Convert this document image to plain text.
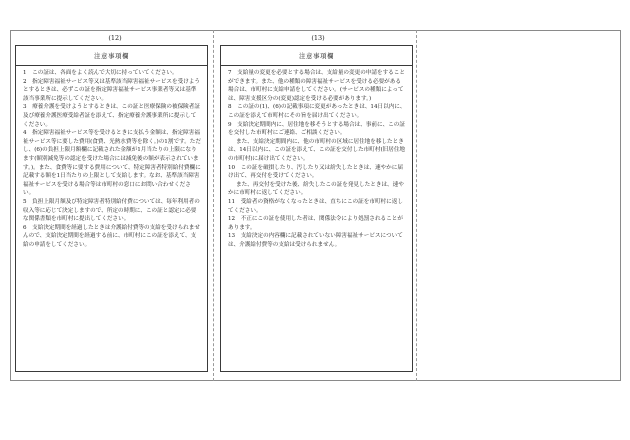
(12)	(13)
注意事項欄

1　この証は、各面をよく読んで大切に持っていてください。

2　指定障害福祉サービス等又は基準該当障害福祉サービスを受けようとするときは、必ずこの証を指定障害福祉サービス事業者等又は基準該当事業所に提示してください。

3　療養介護を受けようとするときは、この証と医療保険の被保険者証及び療養介護医療受給者証を添えて、指定療養介護事業所に提示してください。

4　指定障害福祉サービス等を受けるときに支払う金額は、指定障害福祉サービス等に要した費用(食費、光熱水費等を除く。)の1割です。ただし、(6)の負担上限月額欄に記載された金額が1月当たりの上限になります(額別減免等の認定を受けた場合には減免後の額が表示されています。)。また、食費等に要する費用について、特定障害者特別給付費欄に記載する額を1日当たりの上限として支給します。なお、基準該当障害福祉サービスを受ける場合等は市町村の窓口にお問い合わせください。

5　負担上限月額及び特定障害者特別給付費については、毎年利用者の収入等に応じて決定しますので、所定の時期に、この証と認定に必要な関係書類を市町村に提出してください。

6　支給決定期間を経過したときは介護給付費等の支給を受けられませんので、支給決定期間を経過する前に、市町村にこの証を添えて、支給の申請をしてください。

注意事項欄

7　支給量の変更を必要とする場合は、支給量の変更の申請をすることができます。また、他の種類の障害福祉サービスを受ける必要がある場合は、市町村に支給申請をしてください。(サービスの種類によっては、障害支援区分の(変更)認定を受ける必要があります。)

8　この証の(1)、(6)の記載事項に変更があったときは、14日以内に、この証を添えて市町村にその旨を届け出てください。

9　支給決定期間内に、居住地を移そうとする場合は、事前に、この証を交付した市町村にご連絡、ご相談ください。

また、支給決定期間内に、他の市町村の区域に居住地を移したときは、14日以内に、この証を添えて、この証を交付した市町村(旧居住地の市町村)に届け出てください。

10　この証を破損したり、汚したり又は紛失したときは、速やかに届け出て、再交付を受けてください。

また、再交付を受けた後、紛失したこの証を発見したときは、速やかに市町村に返してください。

11　受給者の資格がなくなったときは、直ちにこの証を市町村に返してください。

12　不正にこの証を使用した者は、関係法令により処罰されることがあります。

13　支給決定の内容欄に記載されていない障害福祉サービスについては、介護給付費等の支給は受けられません。
